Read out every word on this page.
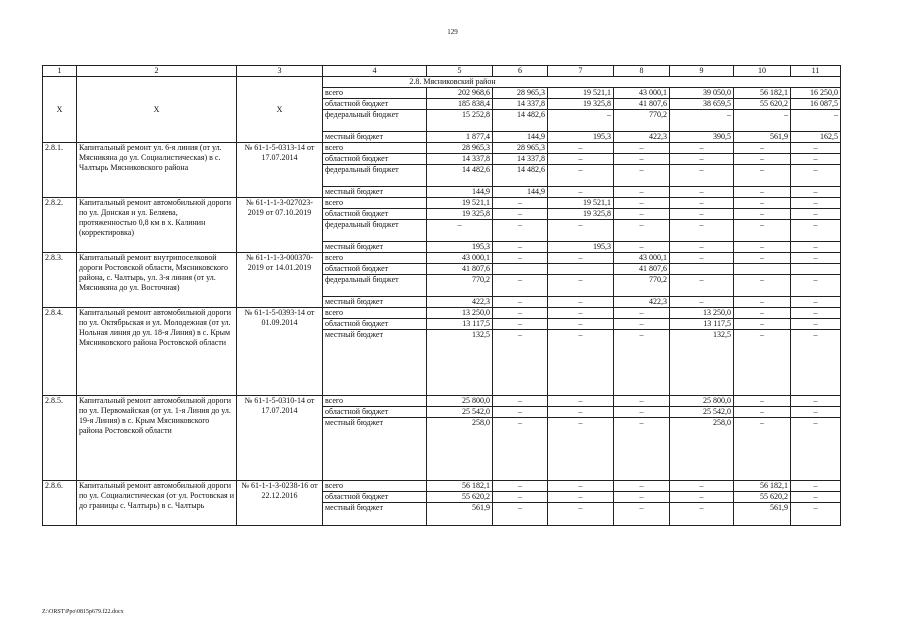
129
1	2	3	4	5	6	7	8	9	10	11
Х	Х	Х	2.8. Мясниковский район							
			всего	202 968,6	28 965,3	19 521,1	43 000,1	39 050,0	56 182,1	16 250,0
			областной бюджет	185 838,4	14 337,8	19 325,8	41 807,6	38 659,5	55 620,2	16 087,5
			федеральный бюджет	15 252,8	14 482,6	–	770,2	–	–	–
			местный бюджет	1 877,4	144,9	195,3	422,3	390,5	561,9	162,5
2.8.1.	Капитальный ремонт ул. 6-я линия (от ул. Мясникяна до ул. Социалистическая) в с. Чалтырь Мясниковского района	№ 61-1-5-0313-14 от 17.07.2014	всего	28 965,3	28 965,3	–	–	–	–	–
			областной бюджет	14 337,8	14 337,8	–	–	–	–	–
			федеральный бюджет	14 482,6	14 482,6	–	–	–	–	–
			местный бюджет	144,9	144,9	–	–	–	–	–
2.8.2.	Капитальный ремонт автомобильной дороги по ул. Донская и ул. Беляева, протяженностью 0,8 км в х. Калинин (корректировка)	№ 61-1-1-3-027023-2019 от 07.10.2019	всего	19 521,1	–	19 521,1	–	–	–	–
			областной бюджет	19 325,8	–	19 325,8	–	–	–	–
			федеральный бюджет	–	–	–	–	–	–	–
			местный бюджет	195,3	–	195,3	–	–	–	–
2.8.3.	Капитальный ремонт внутрипоселковой дороги Ростовской области, Мясниковского района, с. Чалтырь, ул. 3-я линия (от ул. Мясникяна до ул. Восточная)	№ 61-1-1-3-000370-2019 от 14.01.2019	всего	43 000,1	–	–	43 000,1	–	–	–
			областной бюджет	41 807,6			41 807,6			
			федеральный бюджет	770,2	–	–	770,2	–	–	–
			местный бюджет	422,3	–	–	422,3	–	–	–
2.8.4.	Капитальный ремонт автомобильной дороги по ул. Октябрьская и ул. Молодежная (от ул. Нольная линия до ул. 18-я Линия) в с. Крым Мясниковского района Ростовской области	№ 61-1-5-0393-14 от 01.09.2014	всего	13 250,0	–	–	–	13 250,0	–	–
			областной бюджет	13 117,5	–	–	–	13 117,5	–	–
			местный бюджет	132,5	–	–	–	132,5	–	–
2.8.5.	Капитальный ремонт автомобильной дороги по ул. Первомайская (от ул. 1-я Линия до ул. 19-я Линия) в с. Крым Мясниковского района Ростовской области	№ 61-1-5-0310-14 от 17.07.2014	всего	25 800,0	–	–	–	25 800,0	–	–
			областной бюджет	25 542,0	–	–	–	25 542,0	–	–
			местный бюджет	258,0	–	–	–	258,0	–	–
2.8.6.	Капитальный ремонт автомобильной дороги по ул. Социалистическая (от ул. Ростовская и до границы с. Чалтырь) в с. Чалтырь	№ 61-1-1-3-0238-16 от 22.12.2016	всего	56 182,1	–	–	–	–	56 182,1	–
			областной бюджет	55 620,2	–	–	–	–	55 620,2	–
			местный бюджет	561,9	–	–	–	–	561,9	–
Z:\ORST\Ppo\0815p679.f22.docx
